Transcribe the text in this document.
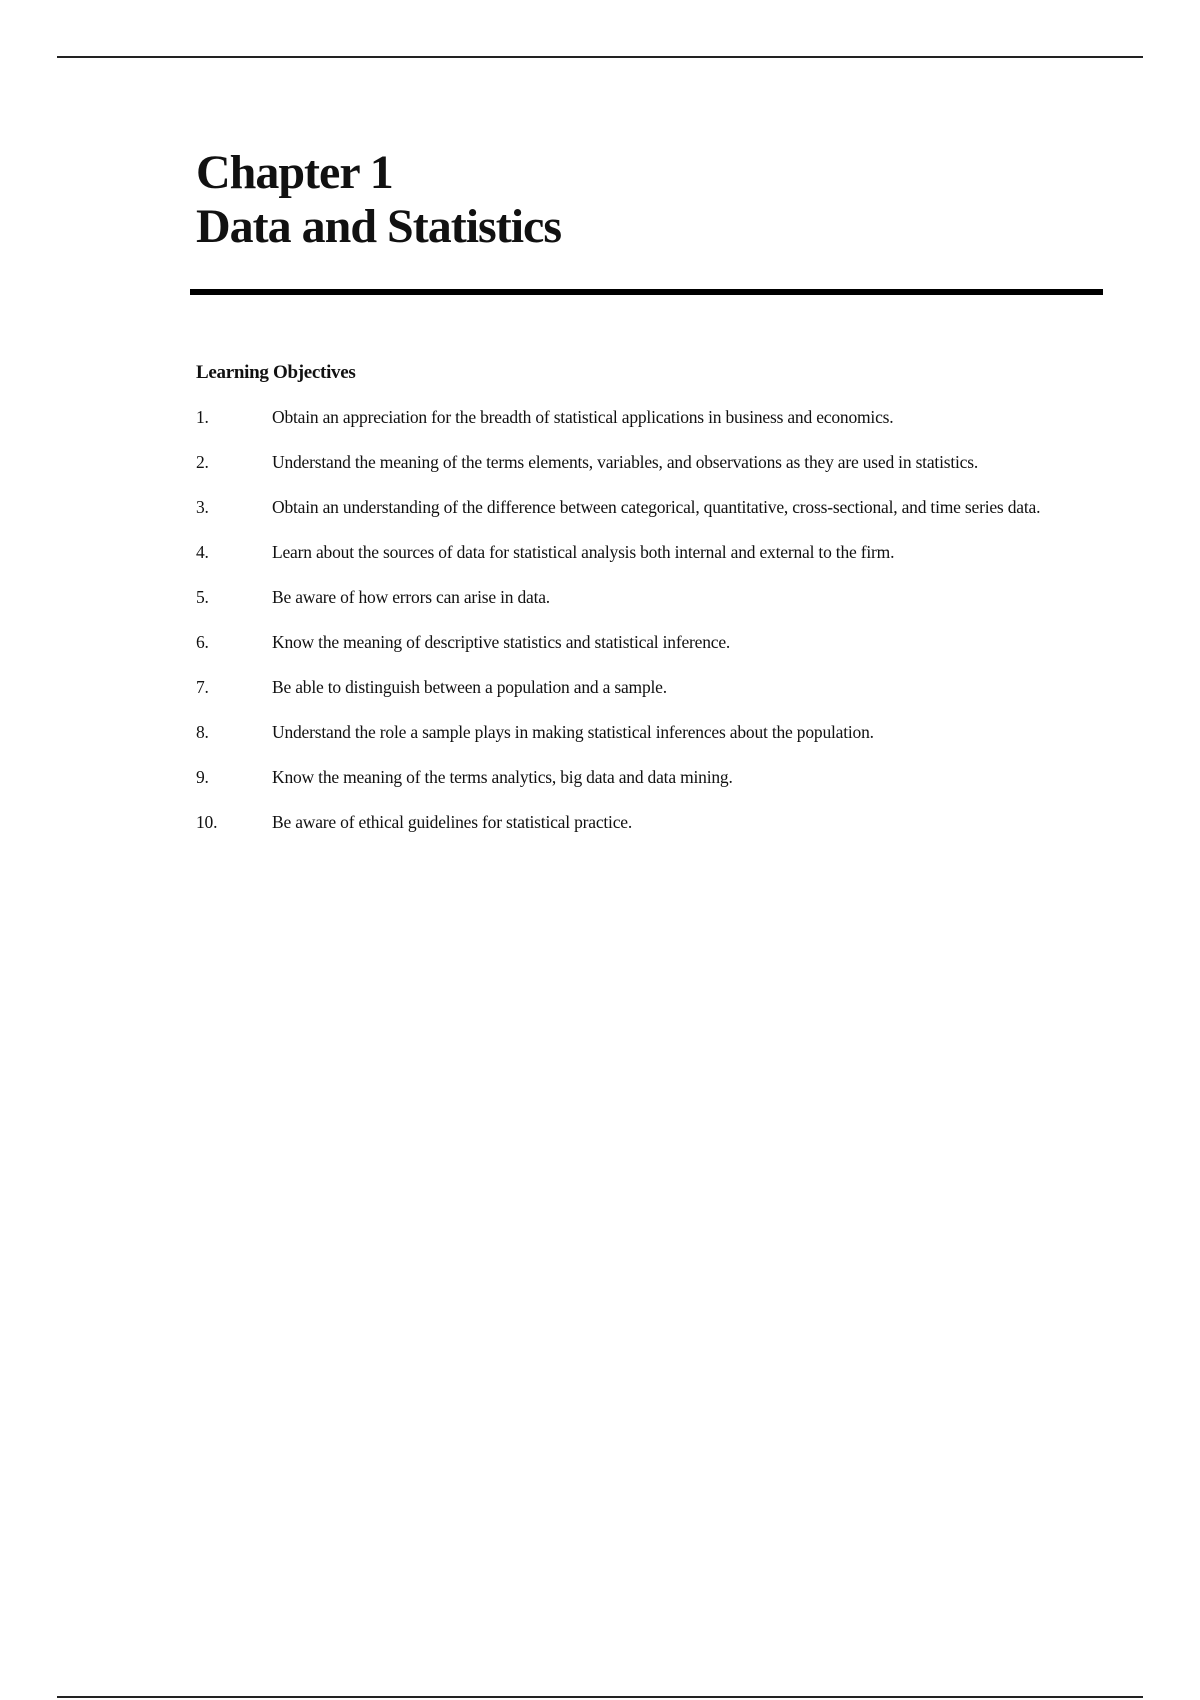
Chapter 1
Data and Statistics
Learning Objectives
1.	Obtain an appreciation for the breadth of statistical applications in business and economics.
2.	Understand the meaning of the terms elements, variables, and observations as they are used in statistics.
3.	Obtain an understanding of the difference between categorical, quantitative, cross-sectional, and time series data.
4.	Learn about the sources of data for statistical analysis both internal and external to the firm.
5.	Be aware of how errors can arise in data.
6.	Know the meaning of descriptive statistics and statistical inference.
7.	Be able to distinguish between a population and a sample.
8.	Understand the role a sample plays in making statistical inferences about the population.
9.	Know the meaning of the terms analytics, big data and data mining.
10.	Be aware of ethical guidelines for statistical practice.
